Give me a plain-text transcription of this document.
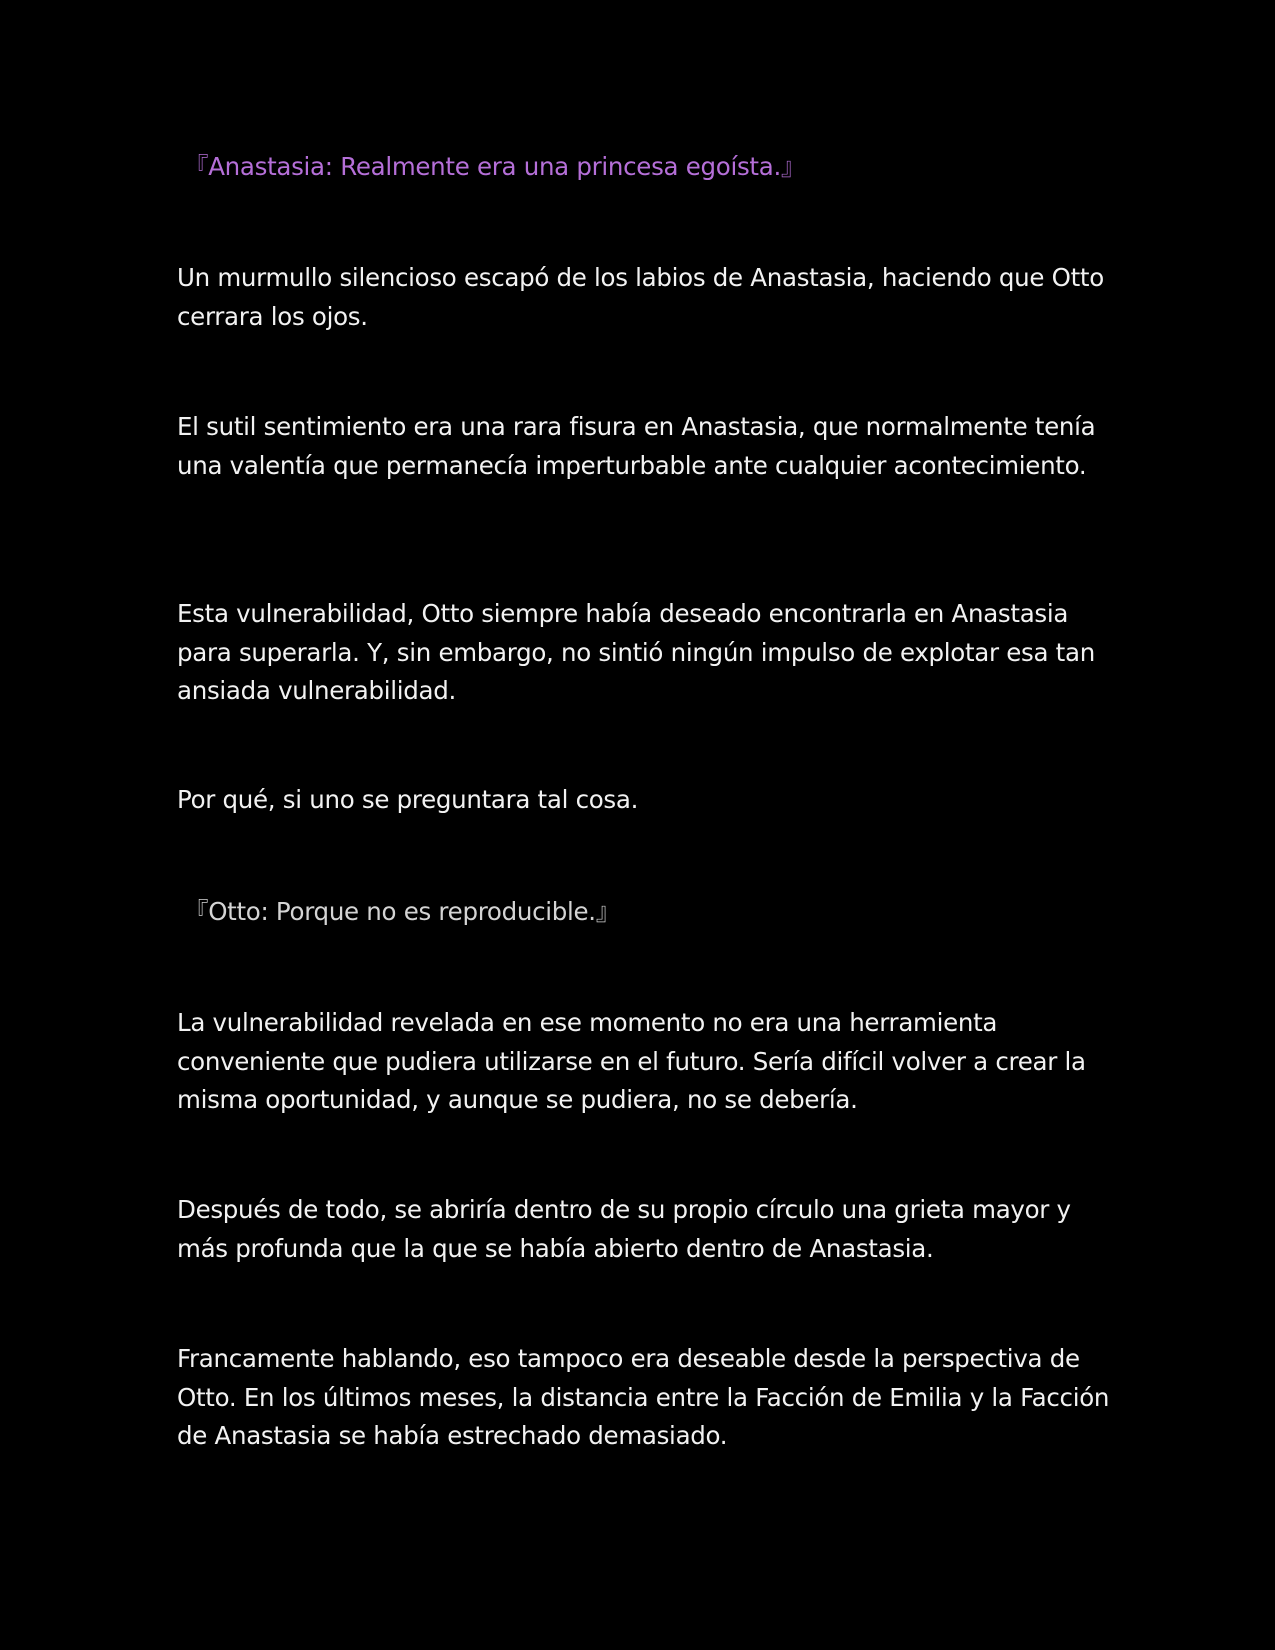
『Anastasia: Realmente era una princesa egoísta.』

Un murmullo silencioso escapó de los labios de Anastasia, haciendo que Otto cerrara los ojos.

El sutil sentimiento era una rara fisura en Anastasia, que normalmente tenía una valentía que permanecía imperturbable ante cualquier acontecimiento.

Esta vulnerabilidad, Otto siempre había deseado encontrarla en Anastasia para superarla. Y, sin embargo, no sintió ningún impulso de explotar esa tan ansiada vulnerabilidad.

Por qué, si uno se preguntara tal cosa.

『Otto: Porque no es reproducible.』

La vulnerabilidad revelada en ese momento no era una herramienta conveniente que pudiera utilizarse en el futuro. Sería difícil volver a crear la misma oportunidad, y aunque se pudiera, no se debería.

Después de todo, se abriría dentro de su propio círculo una grieta mayor y más profunda que la que se había abierto dentro de Anastasia.

Francamente hablando, eso tampoco era deseable desde la perspectiva de Otto. En los últimos meses, la distancia entre la Facción de Emilia y la Facción de Anastasia se había estrechado demasiado.
